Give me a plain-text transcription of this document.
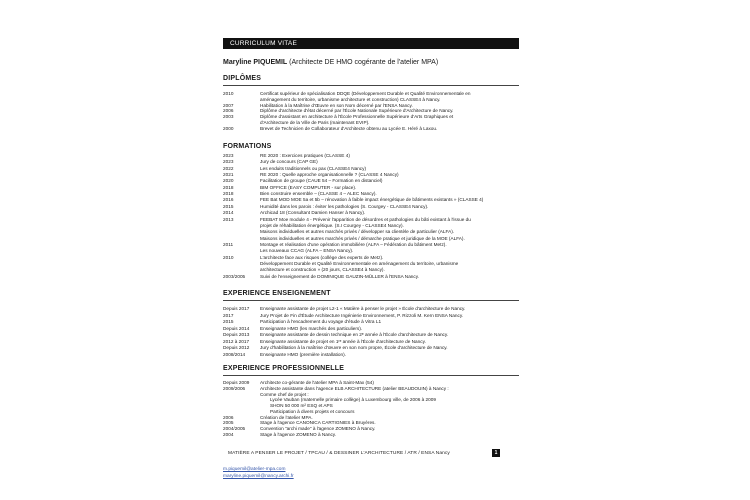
CURRICULUM VITAE
Maryline PIQUEMIL (Architecte DE HMO cogérante de l'atelier MPA)
DIPLÔMES
2010	Certificat supérieur de spécialisation DDQE (Développement Durable et Qualité Environnementale en
aménagement du territoire, urbanisme architecture et construction) CLASSE4 à Nancy.
2007	Habilitation à la Maîtrise d'Œuvre en son Nom décerné par l'ENSA Nancy.
2006	Diplôme d'architecte d'état décerné par l'École Nationale Supérieure d'Architecture de Nancy.
2003	Diplôme d'assistant en architecture à l'École Professionnelle Supérieure d'Arts Graphiques et
d'Architecture de la Ville de Paris (maintenant EVIP).
2000	Brevet de Technicien de Collaborateur d'Architecte obtenu au Lycée E. Héré à Laxou.
FORMATIONS
2023	RE 2020 : Exercices pratiques (CLASSE 4)
2023	Jury de concours (CAP GE)
2022	Les enduits traditionnels ou pax (CLASSE4 Nancy)
2021	RE 2020 : Quelle approche organisationnelle ? (CLASSE 4 Nancy)
2020	Facilitation de groupe (CAUE 54 – Formation en distanciel)
2018	BIM OFFICE (EASY COMPUTER - sur place).
2018	Bien construire ensemble – (CLASSE 4 – ALEC Nancy).
2016	FEE Bat MOD MOE 5a et 5b – rénovation à faible impact énergétique de bâtiments existants » (CLASSE 4)
2015	Humidité dans les parois : éviter les pathologies (S. Courgey - CLASSE4 Nancy).
2014	Archicad 18 (Consultant Damien Hanser à Nancy).
2013	FEEBAT Moe module 4 - Prévenir l'apparition de désordres et pathologies du bâti existant à l'issue du
projet de réhabilitation énergétique. (S.I Courgey - CLASSE4 Nancy).
Maisons individuelles et autres marchés privés / développer sa clientèle de particulier (ALFA).
Maisons individuelles et autres marchés privés / démarche pratique et juridique de la MOE (ALFA).
2011	Montage et réalisation d'une opération immobilière (ALFA – Fédération du bâtiment Metz).
Les nouveaux CCAG (ALFA – ENSA Nancy).
2010	L'architecte face aux risques (collège des experts de Metz).
Développement Durable et Qualité Environnementale en aménagement du territoire, urbanisme
architecture et construction » (20 jours, CLASSE4 à Nancy).
2003/2005	Suivi de l'enseignement de DOMINIQUE GAUZIN-MÜLLER à l'ENSA Nancy.
EXPERIENCE ENSEIGNEMENT
Depuis 2017	Enseignante assistante de projet L2-1 « Matière à penser le projet » École d'architecture de Nancy.
2017	Jury Projet de Fin d'Étude Architecture Ingénierie Environnement, P. Rizzoli M. Kern ENSA Nancy.
2015	Participation à l'encadrement du voyage d'étude à Vitra L1
Depuis 2014	Enseignante HMO (les marchés des particuliers).
Depuis 2013	Enseignante assistante de dessin technique en 2ᵉ année à l'École d'architecture de Nancy.
2012 à 2017	Enseignante assistante de projet en 1ʳᵉ année à l'École d'architecture de Nancy.
Depuis 2012	Jury d'habilitation à la maîtrise d'œuvre en son nom propre, École d'architecture de Nancy.
2008/2014	Enseignante HMO (première installation).
EXPERIENCE PROFESSIONNELLE
Depuis 2009	Architecte co-gérante de l'atelier MPA à Saint-Max (54)
2009/2006	Architecte assistante dans l'agence ELB ARCHITECTURE (atelier BEAUDOUIN) à Nancy :
Comme chef de projet :
Lycée Vauban (maternelle primaire collège) à Luxembourg ville, de 2006 à 2009
SHON 50 000 m² ESQ et APS
Participation à divers projets et concours
2006	Création de l'atelier MPA.
2005	Stage à l'agence CANONICA CARTIGNIES à Bruyères.
2004/2005	Convention "archi made" à l'agence ZOMENO à Nancy.
2004	Stage à l'agence ZOMENO à Nancy.
MATIÈRE A PENSER LE PROJET / TPCAU / & DESSINER L'ARCHITECTURE / ATR / ENSA Nancy	1
m.piquemil@atelier-mpa.com
maryline.piquemil@nancy.archi.fr
